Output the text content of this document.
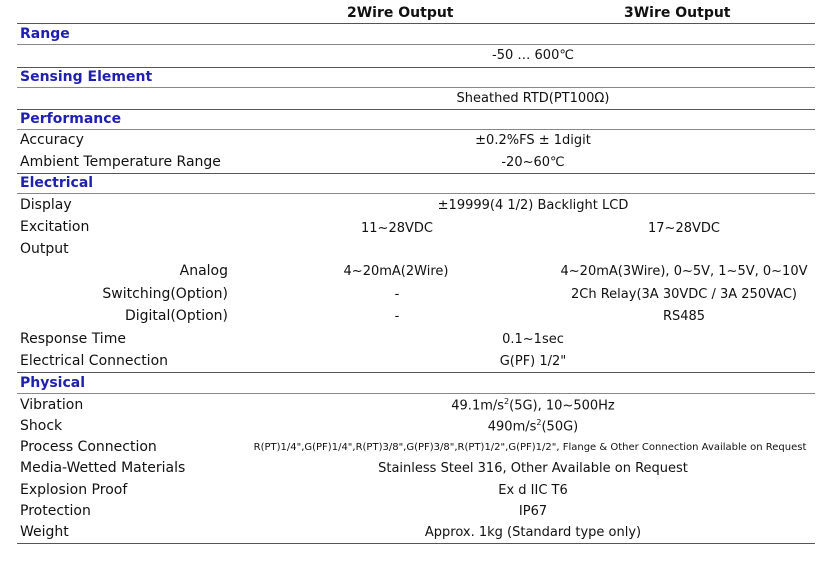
2Wire Output	3Wire Output
Range
-50 … 600℃
Sensing Element
Sheathed RTD(PT100Ω)
Performance
Accuracy	±0.2%FS ± 1digit
Ambient Temperature Range	-20~60℃
Electrical
Display	±19999(4 1/2) Backlight LCD
Excitation	11~28VDC	17~28VDC
Output
Analog	4~20mA(2Wire)	4~20mA(3Wire), 0~5V, 1~5V, 0~10V
Switching(Option)	-	2Ch Relay(3A 30VDC / 3A 250VAC)
Digital(Option)	-	RS485
Response Time	0.1~1sec
Electrical Connection	G(PF) 1/2"
Physical
Vibration	$49.1m/s^2(5G)$, 10~500Hz
Shock	$490m/s^2(50G)$
Process Connection	R(PT)1/4",G(PF)1/4",R(PT)3/8",G(PF)3/8",R(PT)1/2",G(PF)1/2", Flange & Other Connection Available on Request
Media-Wetted Materials	Stainless Steel 316, Other Available on Request
Explosion Proof	Ex d IIC T6
Protection	IP67
Weight	Approx. 1kg (Standard type only)
